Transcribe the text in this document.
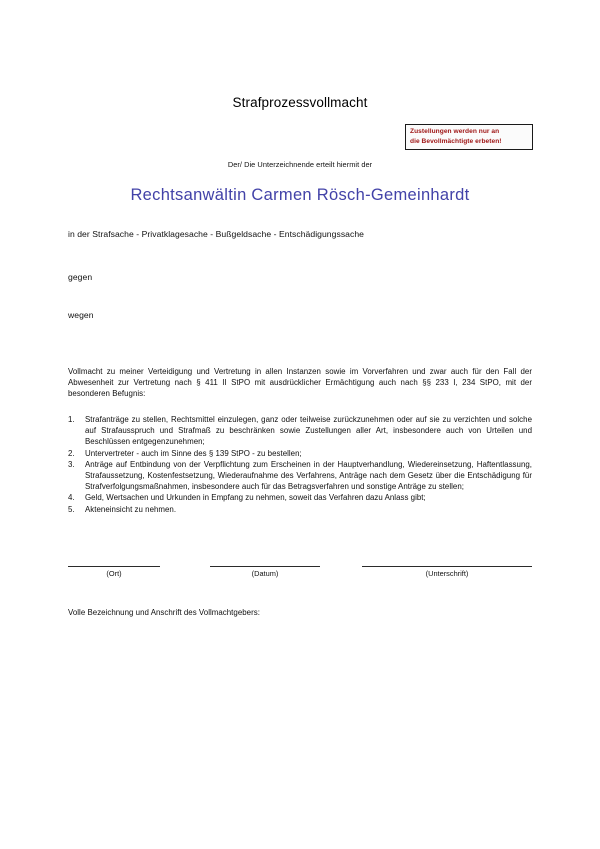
Strafprozessvollmacht
Zustellungen werden nur an
die Bevollmächtigte erbeten!
Der/ Die Unterzeichnende erteilt hiermit der
Rechtsanwältin Carmen Rösch-Gemeinhardt
in der Strafsache - Privatklagesache - Bußgeldsache - Entschädigungssache
gegen
wegen
Vollmacht zu meiner Verteidigung und Vertretung in allen Instanzen sowie im Vorverfahren und zwar auch für den Fall der Abwesenheit zur Vertretung nach § 411 II StPO mit ausdrücklicher Ermächtigung auch nach §§ 233 I, 234 StPO, mit der besonderen Befugnis:
1.	Strafanträge zu stellen, Rechtsmittel einzulegen, ganz oder teilweise zurückzunehmen oder auf sie zu verzichten und solche auf Strafausspruch und Strafmaß zu beschränken sowie Zustellungen aller Art, insbesondere auch von Urteilen und Beschlüssen entgegenzunehmen;
2.	Untervertreter - auch im Sinne des § 139 StPO - zu bestellen;
3.	Anträge auf Entbindung von der Verpflichtung zum Erscheinen in der Hauptverhandlung, Wiedereinsetzung, Haftentlassung, Strafaussetzung, Kostenfestsetzung, Wiederaufnahme des Verfahrens, Anträge nach dem Gesetz über die Entschädigung für Strafverfolgungsmaßnahmen, insbesondere auch für das Betragsverfahren und sonstige Anträge zu stellen;
4.	Geld, Wertsachen und Urkunden in Empfang zu nehmen, soweit das Verfahren dazu Anlass gibt;
5.	Akteneinsicht zu nehmen.
(Ort)	(Datum)	(Unterschrift)
Volle Bezeichnung und Anschrift des Vollmachtgebers:
